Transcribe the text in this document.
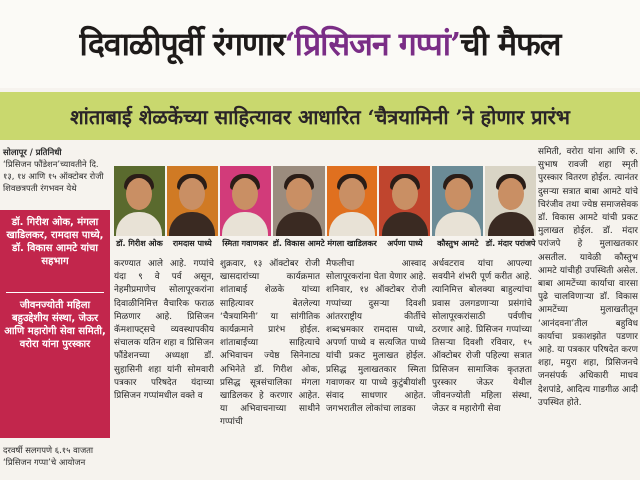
दिवाळीपूर्वी रंगणार ‘प्रिसिजन गप्पां’ ची मैफल
शांताबाई शेळकेंच्या साहित्यावर आधारित ‘चैत्रयामिनी ’ने होणार प्रारंभ
सोलापूर / प्रतिनिधी
‘प्रिसिजन फौंडेशन’च्यावतीने दि. १३, १४ आणि १५ ऑक्टोबर रोजी शिवछत्रपती रंगभवन येथे
डॉ. गिरीश ओक, मंगला खाडिलकर, रामदास पाध्ये, डॉ. विकास आमटे यांचा सहभाग
जीवनज्योती महिला बहुउद्देशीय संस्था, जेऊर आणि महारोगी सेवा समिती, वरोरा यांना पुरस्कार
दरवर्षी सलगपणे ६.१५ वाजता ‘प्रिसिजन गप्पा’चे आयोजन
डॉ. गिरीश ओक	रामदास पाध्ये	स्मिता गवाणकर डॉ. विकास आमटे मंगला खाडिलकर	अर्पणा पाध्ये	कौस्तुभ आमटे डॉ. मंदार परांजपे
करण्यात आले आहे. गप्पांचे यंदा ९ वे पर्व असून, नेहमीप्रमाणेच सोलापूरकरांना दिवाळीनिमित्त वैचारिक फराळ मिळणार आहे. प्रिसिजन कॅमशाफ्ट्सचे व्यवस्थापकीय संचालक यतिन शहा व प्रिसिजन फौंडेशनच्या अध्यक्षा डॉ. सुहासिनी शहा यांनी सोमवारी पत्रकार परिषदेत यंदाच्या प्रिसिजन गप्पांमधील वक्ते व
शुक्रवार, १३ ऑक्टोबर रोजी खासदारांच्या कार्यक्रमात शांताबाई शेळके यांच्या साहित्यावर बेतलेल्या ‘चैत्रयामिनी’ या सांगीतिक कार्यक्रमाने प्रारंभ होईल. शांताबाईंच्या साहित्याचे अभिवाचन ज्येष्ठ सिनेनाट्य अभिनेते डॉ. गिरीश ओक, प्रसिद्ध सूत्रसंचालिका मंगला खाडिलकर हे करणार आहेत. या अभिवाचनाच्या साथीने गप्पांची
मैफलीचा आस्वाद सोलापूरकरांना घेता येणार आहे. शनिवार, १४ ऑक्टोबर रोजी गप्पांच्या दुसऱ्या दिवशी आंतरराष्ट्रीय कीर्तीचे शब्दभ्रमकार रामदास पाध्ये, अपर्णा पाध्ये व सत्यजित पाध्ये यांची प्रकट मुलाखत होईल. प्रसिद्ध मुलाखतकार स्मिता गवाणकर या पाध्ये कुटुंबीयांशी संवाद साधणार आहेत. जगभरातील लोकांचा लाडका
अर्धवटराव यांचा आपल्या सवयीने शंभरी पूर्ण करीत आहे. त्यानिमित्त बोलक्या बाहुल्यांचा प्रवास उलगडणार्‍या प्रसंगांचे सोलापूरकरांसाठी पर्वणीच ठरणार आहे. प्रिसिजन गप्पांच्या तिसऱ्या दिवशी रविवार, १५ ऑक्टोबर रोजी पहिल्या सत्रात प्रिसिजन सामाजिक कृतज्ञता पुरस्कार जेऊर येथील जीवनज्योती महिला संस्था, जेऊर व महारोगी सेवा
समिती, वरोरा यांना आणि रु. सुभाष रावजी शहा स्मृती पुरस्कार वितरण होईल. त्यानंतर दुसऱ्या सत्रात बाबा आमटे यांचे चिरंजीव तथा ज्येष्ठ समाजसेवक डॉ. विकास आमटे यांची प्रकट मुलाखत होईल. डॉ. मंदार परांजपे हे मुलाखतकार असतील. यावेळी कौस्तुभ आमटे यांचीही उपस्थिती असेल. बाबा आमटेंच्या कार्याचा वारसा पुढे चालविणाऱ्या डॉ. विकास आमटेंच्या मुलाखतीतून ‘आनंदवना’तील बहुविध कार्याचा प्रकाशझोत पडणार आहे. या पत्रकार परिषदेत करण शहा, मयुरा शहा, प्रिसिजनचे जनसंपर्क अधिकारी माधव देशपांडे, आदित्य गाडगीळ आदी उपस्थित होते.
